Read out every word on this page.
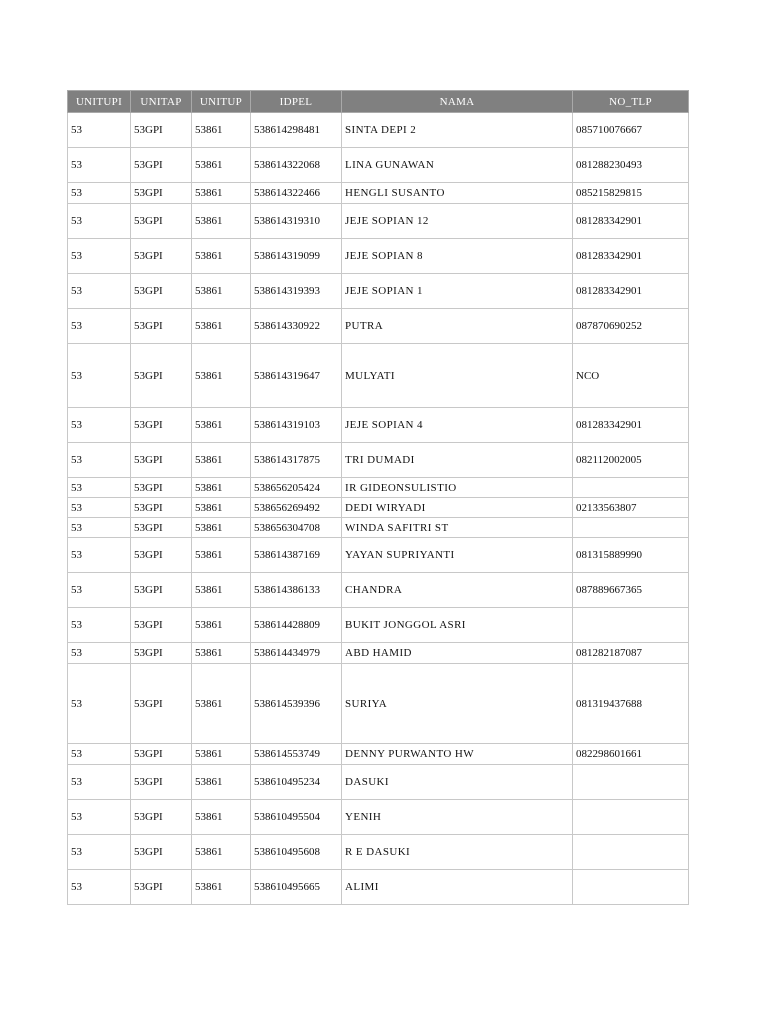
UNITUPI	UNITAP	UNITUP	IDPEL	NAMA	NO_TLP
53	53GPI	53861	538614298481	SINTA DEPI 2	085710076667
53	53GPI	53861	538614322068	LINA GUNAWAN	081288230493
53	53GPI	53861	538614322466	HENGLI SUSANTO	085215829815
53	53GPI	53861	538614319310	JEJE SOPIAN 12	081283342901
53	53GPI	53861	538614319099	JEJE SOPIAN 8	081283342901
53	53GPI	53861	538614319393	JEJE SOPIAN 1	081283342901
53	53GPI	53861	538614330922	PUTRA	087870690252
53	53GPI	53861	538614319647	MULYATI	NCO
53	53GPI	53861	538614319103	JEJE SOPIAN 4	081283342901
53	53GPI	53861	538614317875	TRI DUMADI	082112002005
53	53GPI	53861	538656205424	IR GIDEONSULISTIO	
53	53GPI	53861	538656269492	DEDI WIRYADI	02133563807
53	53GPI	53861	538656304708	WINDA SAFITRI ST	
53	53GPI	53861	538614387169	YAYAN SUPRIYANTI	081315889990
53	53GPI	53861	538614386133	CHANDRA	087889667365
53	53GPI	53861	538614428809	BUKIT JONGGOL ASRI	
53	53GPI	53861	538614434979	ABD HAMID	081282187087
53	53GPI	53861	538614539396	SURIYA	081319437688
53	53GPI	53861	538614553749	DENNY PURWANTO HW	082298601661
53	53GPI	53861	538610495234	DASUKI	
53	53GPI	53861	538610495504	YENIH	
53	53GPI	53861	538610495608	R E DASUKI	
53	53GPI	53861	538610495665	ALIMI	
